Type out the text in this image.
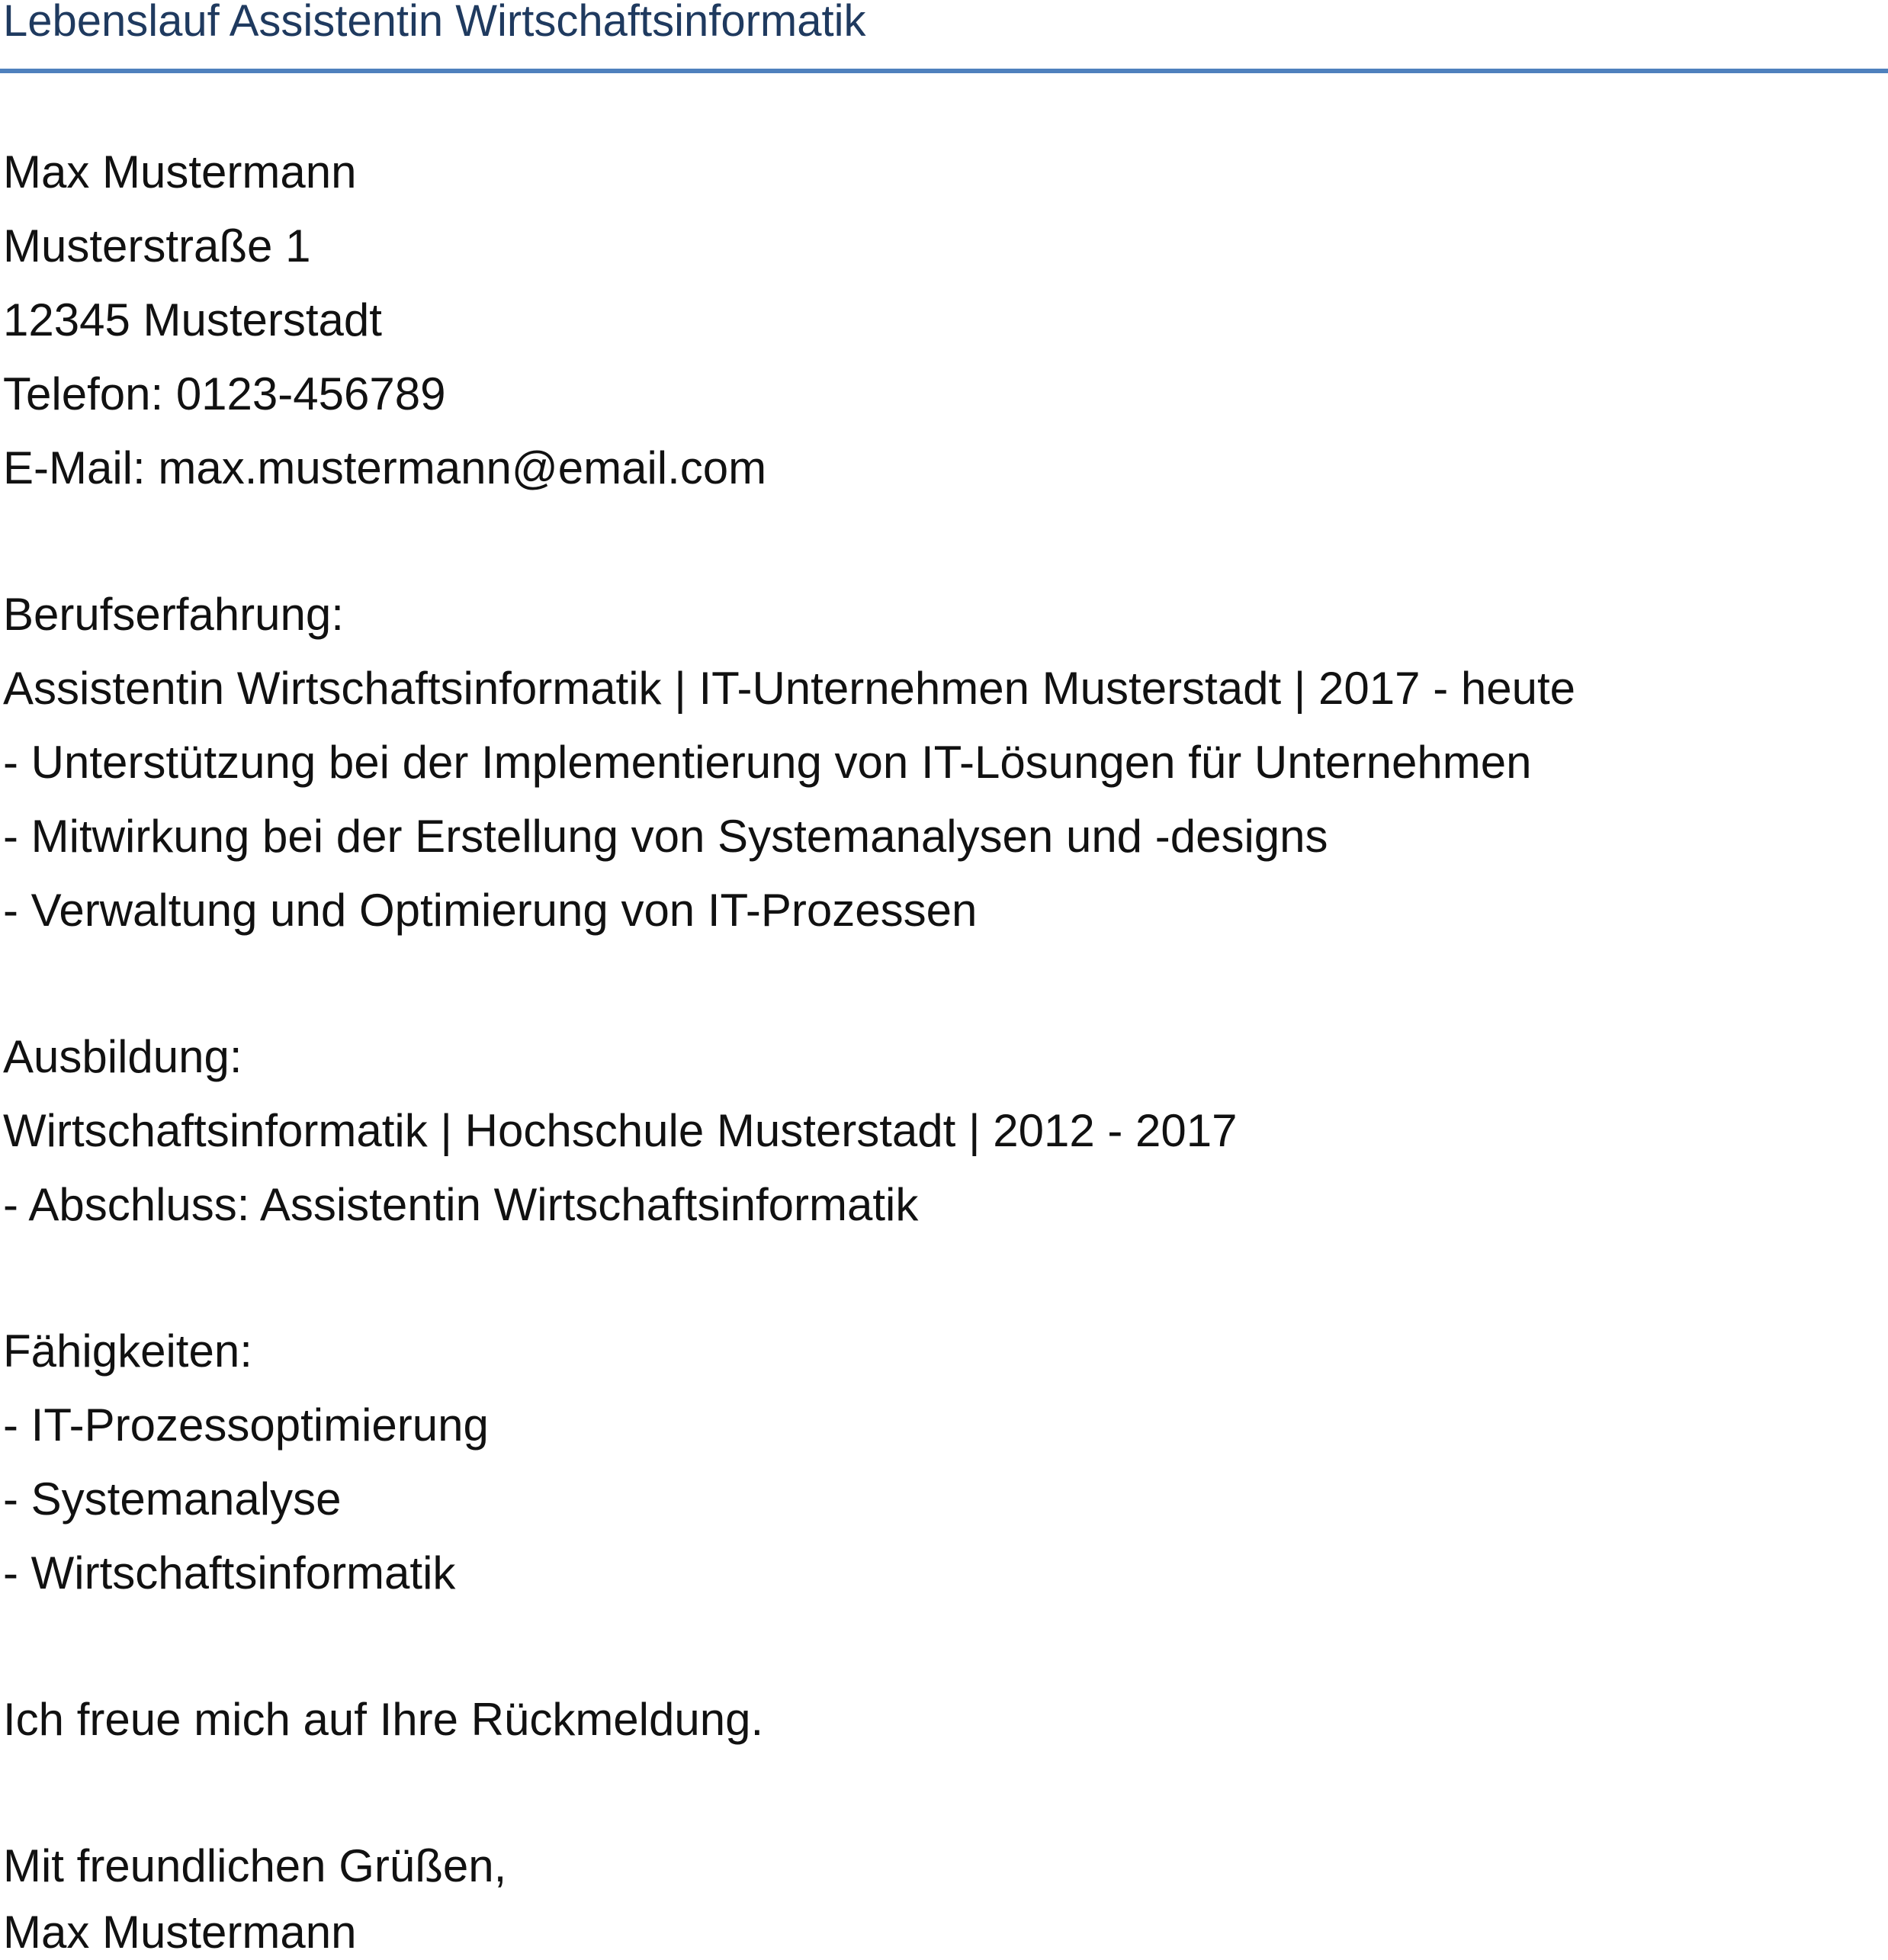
Lebenslauf Assistentin Wirtschaftsinformatik
Max Mustermann
Musterstraße 1
12345 Musterstadt
Telefon: 0123-456789
E-Mail: max.mustermann@email.com
Berufserfahrung:
Assistentin Wirtschaftsinformatik | IT-Unternehmen Musterstadt | 2017 - heute
- Unterstützung bei der Implementierung von IT-Lösungen für Unternehmen
- Mitwirkung bei der Erstellung von Systemanalysen und -designs
- Verwaltung und Optimierung von IT-Prozessen
Ausbildung:
Wirtschaftsinformatik | Hochschule Musterstadt | 2012 - 2017
- Abschluss: Assistentin Wirtschaftsinformatik
Fähigkeiten:
- IT-Prozessoptimierung
- Systemanalyse
- Wirtschaftsinformatik
Ich freue mich auf Ihre Rückmeldung.
Mit freundlichen Grüßen,
Max Mustermann
